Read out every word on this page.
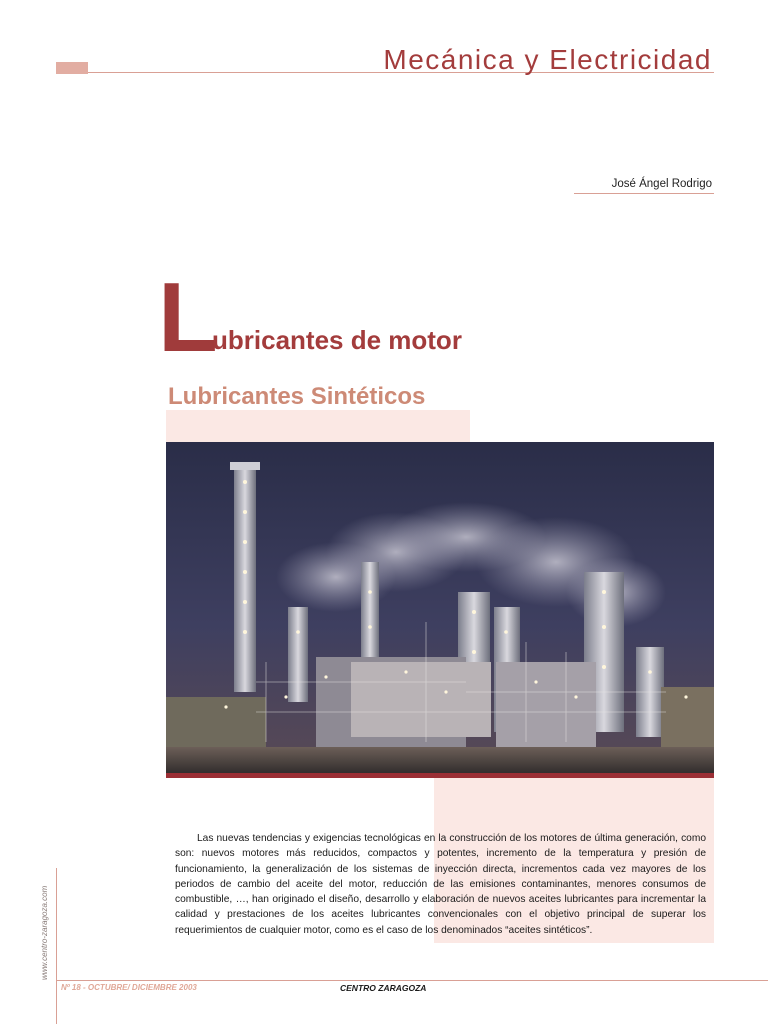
Mecánica y Electricidad
José Ángel Rodrigo
L
ubricantes de motor
Lubricantes Sintéticos

Las nuevas tendencias y exigencias tecnológicas en la construcción de los motores de última generación, como son: nuevos motores más reducidos, compactos y potentes, incremento de la temperatura y presión de funcionamiento, la generalización de los sistemas de inyección directa, incrementos cada vez mayores de los periodos de cambio del aceite del motor, reducción de las emisiones contaminantes, menores consumos de combustible, …, han originado el diseño, desarrollo y elaboración de nuevos aceites lubricantes para incrementar la calidad y prestaciones de los aceites lubricantes convencionales con el objetivo principal de superar los requerimientos de cualquier motor, como es el caso de los denominados “aceites sintéticos”.

www.centro-zaragoza.com
Nº 18 - OCTUBRE/ DICIEMBRE 2003	CENTRO ZARAGOZA
